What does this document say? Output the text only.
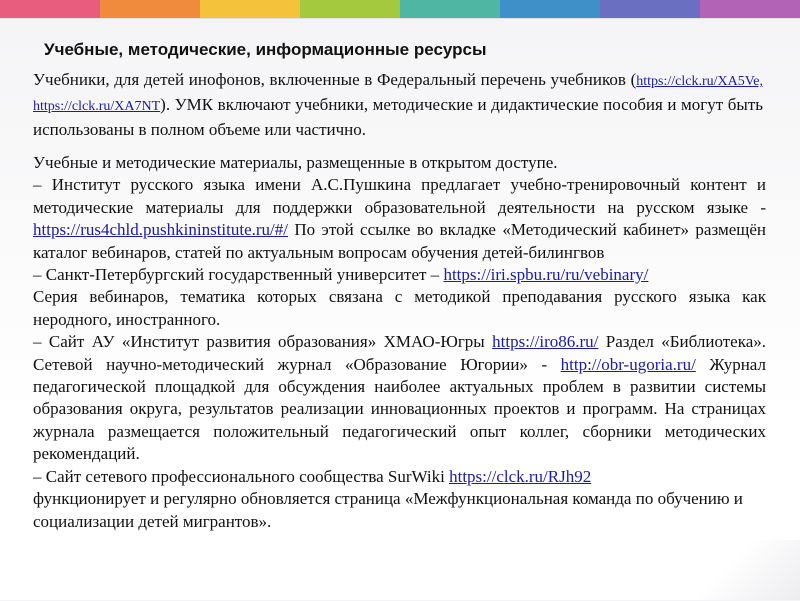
Учебные, методические, информационные ресурсы

Учебники, для детей инофонов, включенные в Федеральный перечень учебников (https://clck.ru/XA5Ve, https://clck.ru/XA7NT). УМК включают учебники, методические и дидактические пособия и могут быть использованы в полном объеме или частично.

Учебные и методические материалы, размещенные в открытом доступе.

– Институт русского языка имени А.С.Пушкина предлагает учебно-тренировочный контент и методические материалы для поддержки образовательной деятельности на русском языке - https://rus4chld.pushkininstitute.ru/#/ По этой ссылке во вкладке «Методический кабинет» размещён каталог вебинаров, статей по актуальным вопросам обучения детей-билингвов

– Санкт-Петербургский государственный университет – https://iri.spbu.ru/ru/vebinary/

Серия вебинаров, тематика которых связана с методикой преподавания русского языка как неродного, иностранного.

– Сайт АУ «Институт развития образования» ХМАО-Югры https://iro86.ru/ Раздел «Библиотека». Сетевой научно-методический журнал «Образование Югории» - http://obr-ugoria.ru/ Журнал педагогической площадкой для обсуждения наиболее актуальных проблем в развитии системы образования округа, результатов реализации инновационных проектов и программ. На страницах журнала размещается положительный педагогический опыт коллег, сборники методических рекомендаций.

– Сайт сетевого профессионального сообщества SurWiki https://clck.ru/RJh92
функционирует и регулярно обновляется страница «Межфункциональная команда по обучению и социализации детей мигрантов».
